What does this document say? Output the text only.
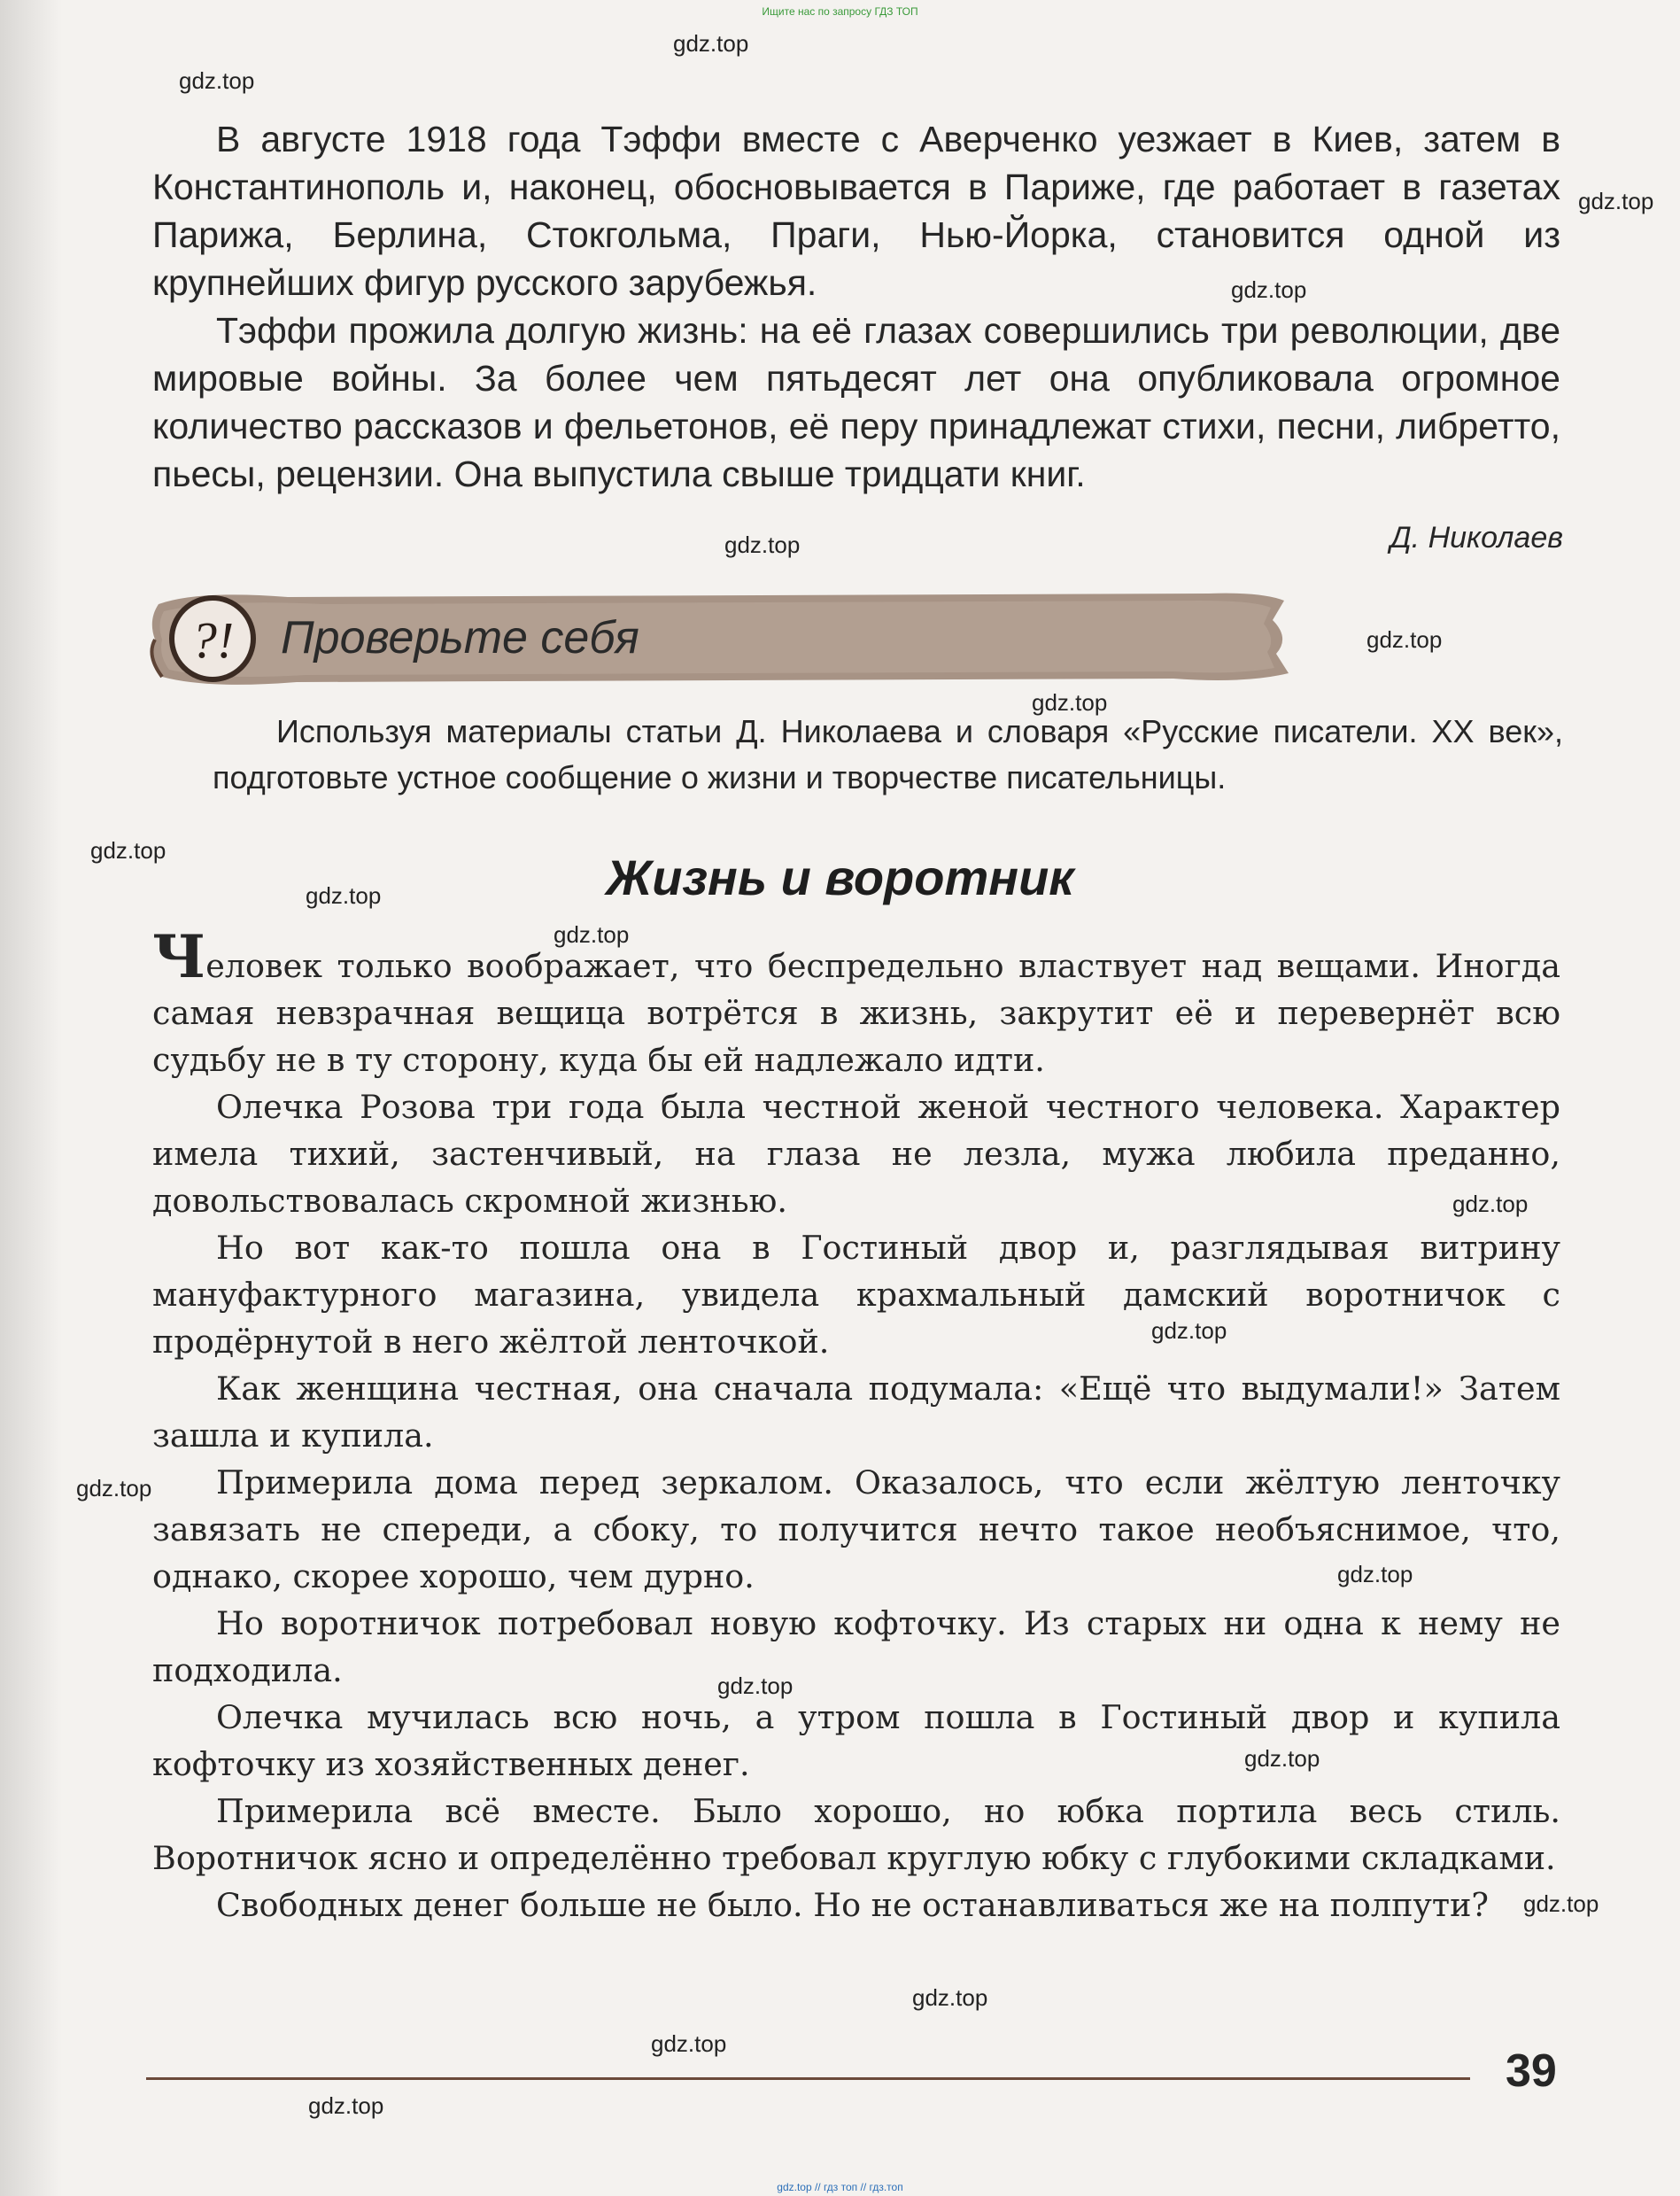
Ищите нас по запросу ГДЗ ТОП
gdz.top
gdz.top
gdz.top
gdz.top
gdz.top
gdz.top
gdz.top
gdz.top
gdz.top
gdz.top
gdz.top
gdz.top
gdz.top
gdz.top
gdz.top
gdz.top
gdz.top
gdz.top
gdz.top
gdz.top

В августе 1918 года Тэффи вместе с Аверченко уезжает в Киев, затем в Константинополь и, наконец, обосновывается в Париже, где работает в газетах Парижа, Берлина, Стокгольма, Праги, Нью-Йорка, становится одной из крупнейших фигур русского зарубежья.

Тэффи прожила долгую жизнь: на её глазах совершились три революции, две мировые войны. За более чем пятьдесят лет она опубликовала огромное количество рассказов и фельетонов, её перу принадлежат стихи, песни, либретто, пьесы, рецензии. Она выпустила свыше тридцати книг.

Д. Николаев
?! Проверьте себя

Используя материалы статьи Д. Николаева и словаря «Русские писатели. XX век», подготовьте устное сообщение о жизни и творчестве писательницы.

Жизнь и воротник

Человек только воображает, что беспредельно властвует над вещами. Иногда самая невзрачная вещица вотрётся в жизнь, закрутит её и перевернёт всю судьбу не в ту сторону, куда бы ей надлежало идти.

Олечка Розова три года была честной женой честного человека. Характер имела тихий, застенчивый, на глаза не лезла, мужа любила преданно, довольствовалась скромной жизнью.

Но вот как-то пошла она в Гостиный двор и, разглядывая витрину мануфактурного магазина, увидела крахмальный дамский воротничок с продёрнутой в него жёлтой ленточкой.

Как женщина честная, она сначала подумала: «Ещё что выдумали!» Затем зашла и купила.

Примерила дома перед зеркалом. Оказалось, что если жёлтую ленточку завязать не спереди, а сбоку, то получится нечто такое необъяснимое, что, однако, скорее хорошо, чем дурно.

Но воротничок потребовал новую кофточку. Из старых ни одна к нему не подходила.

Олечка мучилась всю ночь, а утром пошла в Гостиный двор и купила кофточку из хозяйственных денег.

Примерила всё вместе. Было хорошо, но юбка портила весь стиль. Воротничок ясно и определённо требовал круглую юбку с глубокими складками.

Свободных денег больше не было. Но не останавливаться же на полпути?

39
gdz.top // гдз топ // гдз.топ
